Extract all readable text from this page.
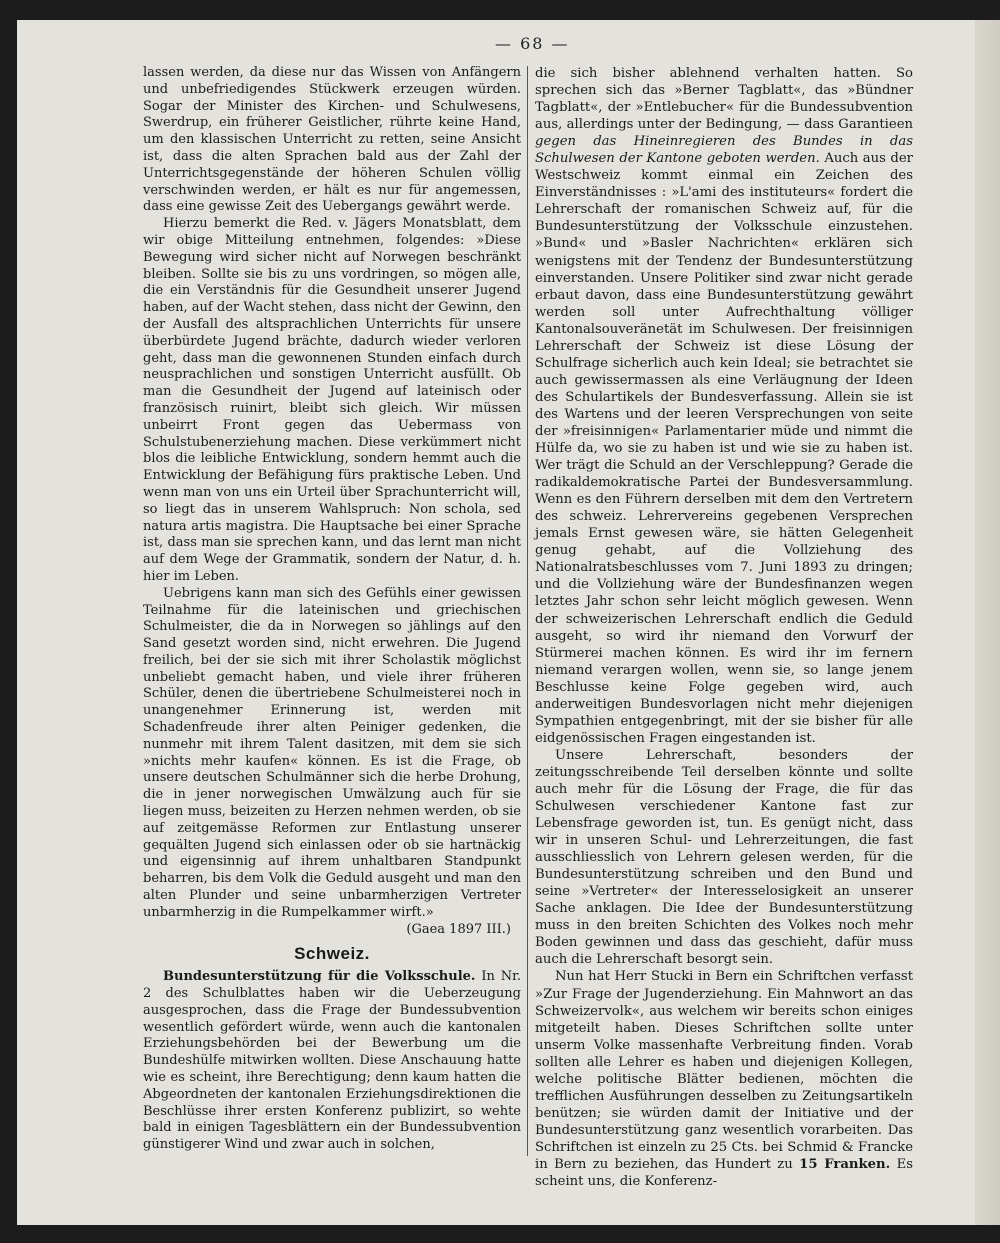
— 68 —

lassen werden, da diese nur das Wissen von Anfängern und unbefriedigendes Stückwerk erzeugen würden. Sogar der Minister des Kirchen- und Schulwesens, Swerdrup, ein früherer Geistlicher, rührte keine Hand, um den klassischen Unterricht zu retten, seine Ansicht ist, dass die alten Sprachen bald aus der Zahl der Unterrichtsgegenstände der höheren Schulen völlig verschwinden werden, er hält es nur für angemessen, dass eine gewisse Zeit des Uebergangs gewährt werde.

Hierzu bemerkt die Red. v. Jägers Monatsblatt, dem wir obige Mitteilung entnehmen, folgendes: »Diese Bewegung wird sicher nicht auf Norwegen beschränkt bleiben. Sollte sie bis zu uns vordringen, so mögen alle, die ein Verständnis für die Gesundheit unserer Jugend haben, auf der Wacht stehen, dass nicht der Gewinn, den der Ausfall des altsprachlichen Unterrichts für unsere überbürdete Jugend brächte, dadurch wieder verloren geht, dass man die gewonnenen Stunden einfach durch neusprachlichen und sonstigen Unterricht ausfüllt. Ob man die Gesundheit der Jugend auf lateinisch oder französisch ruinirt, bleibt sich gleich. Wir müssen unbeirrt Front gegen das Uebermass von Schulstubenerziehung machen. Diese verkümmert nicht blos die leibliche Entwicklung, sondern hemmt auch die Entwicklung der Befähigung fürs praktische Leben. Und wenn man von uns ein Urteil über Sprachunterricht will, so liegt das in unserem Wahlspruch: Non schola, sed natura artis magistra. Die Hauptsache bei einer Sprache ist, dass man sie sprechen kann, und das lernt man nicht auf dem Wege der Grammatik, sondern der Natur, d. h. hier im Leben.

Uebrigens kann man sich des Gefühls einer gewissen Teilnahme für die lateinischen und griechischen Schulmeister, die da in Norwegen so jählings auf den Sand gesetzt worden sind, nicht erwehren. Die Jugend freilich, bei der sie sich mit ihrer Scholastik möglichst unbeliebt gemacht haben, und viele ihrer früheren Schüler, denen die übertriebene Schulmeisterei noch in unangenehmer Erinnerung ist, werden mit Schadenfreude ihrer alten Peiniger gedenken, die nunmehr mit ihrem Talent dasitzen, mit dem sie sich »nichts mehr kaufen« können. Es ist die Frage, ob unsere deutschen Schulmänner sich die herbe Drohung, die in jener norwegischen Umwälzung auch für sie liegen muss, beizeiten zu Herzen nehmen werden, ob sie auf zeitgemässe Reformen zur Entlastung unserer gequälten Jugend sich einlassen oder ob sie hartnäckig und eigensinnig auf ihrem unhaltbaren Standpunkt beharren, bis dem Volk die Geduld ausgeht und man den alten Plunder und seine unbarmherzigen Vertreter unbarmherzig in die Rumpelkammer wirft.»

(Gaea 1897 III.)

Schweiz.

Bundesunterstützung für die Volksschule. In Nr. 2 des Schulblattes haben wir die Ueberzeugung ausgesprochen, dass die Frage der Bundessubvention wesentlich gefördert würde, wenn auch die kantonalen Erziehungsbehörden bei der Bewerbung um die Bundeshülfe mitwirken wollten. Diese Anschauung hatte wie es scheint, ihre Berechtigung; denn kaum hatten die Abgeordneten der kantonalen Erziehungsdirektionen die Beschlüsse ihrer ersten Konferenz publizirt, so wehte bald in einigen Tagesblättern ein der Bundessubvention günstigerer Wind und zwar auch in solchen,

die sich bisher ablehnend verhalten hatten. So sprechen sich das »Berner Tagblatt«, das »Bündner Tagblatt«, der »Entlebucher« für die Bundessubvention aus, allerdings unter der Bedingung, — dass Garantieen gegen das Hineinregieren des Bundes in das Schulwesen der Kantone geboten werden. Auch aus der Westschweiz kommt einmal ein Zeichen des Einverständnisses : »L'ami des instituteurs« fordert die Lehrerschaft der romanischen Schweiz auf, für die Bundesunterstützung der Volksschule einzustehen. »Bund« und »Basler Nachrichten« erklären sich wenigstens mit der Tendenz der Bundesunterstützung einverstanden. Unsere Politiker sind zwar nicht gerade erbaut davon, dass eine Bundesunterstützung gewährt werden soll unter Aufrechthaltung völliger Kantonalsouveränetät im Schulwesen. Der freisinnigen Lehrerschaft der Schweiz ist diese Lösung der Schulfrage sicherlich auch kein Ideal; sie betrachtet sie auch gewissermassen als eine Verläugnung der Ideen des Schulartikels der Bundesverfassung. Allein sie ist des Wartens und der leeren Versprechungen von seite der »freisinnigen« Parlamentarier müde und nimmt die Hülfe da, wo sie zu haben ist und wie sie zu haben ist. Wer trägt die Schuld an der Verschleppung? Gerade die radikaldemokratische Partei der Bundesversammlung. Wenn es den Führern derselben mit dem den Vertretern des schweiz. Lehrervereins gegebenen Versprechen jemals Ernst gewesen wäre, sie hätten Gelegenheit genug gehabt, auf die Vollziehung des Nationalratsbeschlusses vom 7. Juni 1893 zu dringen; und die Vollziehung wäre der Bundesfinanzen wegen letztes Jahr schon sehr leicht möglich gewesen. Wenn der schweizerischen Lehrerschaft endlich die Geduld ausgeht, so wird ihr niemand den Vorwurf der Stürmerei machen können. Es wird ihr im fernern niemand verargen wollen, wenn sie, so lange jenem Beschlusse keine Folge gegeben wird, auch anderweitigen Bundesvorlagen nicht mehr diejenigen Sympathien entgegenbringt, mit der sie bisher für alle eidgenössischen Fragen eingestanden ist.

Unsere Lehrerschaft, besonders der zeitungsschreibende Teil derselben könnte und sollte auch mehr für die Lösung der Frage, die für das Schulwesen verschiedener Kantone fast zur Lebensfrage geworden ist, tun. Es genügt nicht, dass wir in unseren Schul- und Lehrerzeitungen, die fast ausschliesslich von Lehrern gelesen werden, für die Bundesunterstützung schreiben und den Bund und seine »Vertreter« der Interesselosigkeit an unserer Sache anklagen. Die Idee der Bundesunterstützung muss in den breiten Schichten des Volkes noch mehr Boden gewinnen und dass das geschieht, dafür muss auch die Lehrerschaft besorgt sein.

Nun hat Herr Stucki in Bern ein Schriftchen verfasst »Zur Frage der Jugenderziehung. Ein Mahnwort an das Schweizervolk«, aus welchem wir bereits schon einiges mitgeteilt haben. Dieses Schriftchen sollte unter unserm Volke massenhafte Verbreitung finden. Vorab sollten alle Lehrer es haben und diejenigen Kollegen, welche politische Blätter bedienen, möchten die trefflichen Ausführungen desselben zu Zeitungsartikeln benützen; sie würden damit der Initiative und der Bundesunterstützung ganz wesentlich vorarbeiten. Das Schriftchen ist einzeln zu 25 Cts. bei Schmid & Francke in Bern zu beziehen, das Hundert zu 15 Franken. Es scheint uns, die Konferenz-
